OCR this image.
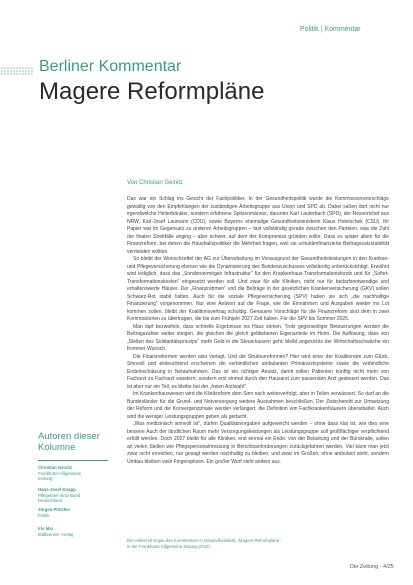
Politik | Kommentar
Berliner Kommentar
Magere Reformpläne
Von Christian Geinitz

Das war ein Schlag ins Gesicht der Fachpolitiker. In der Gesundheitspolitik wurde die Kommissionsvorschläge gewaltig von den Empfehlungen der zuständigen Arbeitsgruppe aus Union und SPD ab. Dabei saßen dort nicht nur irgendwelche Hinterbänkler, sondern erfahrene Spitzenmänner, darunter Karl Lauterbach (SPD), der Ressortchef aus NRW, Karl-Josef Laumann (CDU), sowie Bayerns ehemalige Gesundheitsministerin Klaus Holetschek (CSU). Ihr Papier war im Gegensatz zu anderen Arbeitsgruppen – fast vollständig gerade zwischen den Parteien, was die Zahl der finalen Streitfälle anging – aber schwer, auf dem der Kompromiss gründen sollte. Dass es später allem für die Finanzreform, bei denen die Haushaltspolitiker die Mehrheit fragen, weil sie schuldenfinanzierte Beitragssatzstabilität vermeiden wollten.

So bleibt der Wunschzettel der AG zur Überarbeitung im Vorausgrund der Gesundheitsleistungen in den Kranken- und Pflegeversicherung ebenso wie die Dynamisierung des Bundeszuschusses vollständig unberücksichtigt. Erwähnt wird lediglich, dass das „Sondervermögen Infrastruktur“ für den Krankenhaus-Transformationsfonds und für „Sofort-Transformationskosten“ eingesetzt werden soll. Und zwar für alle Kliniken, nicht nur für bedarfsnotwendige und erhaltenswerte Häuser. Der „Finanzrahmen“ und die Beiträge in der gesetzlichen Krankenversicherung (GKV) sollen Schwarz-Rot stabil halten. Auch für die soziale Pflegeversicherung (SPV) haben sie sich „die nachhaltige Finanzierung“ vorgenommen. Nur eine Antwort auf die Frage, wie die Einnahmen und Ausgaben wieder ins Lot kommen sollen, bleibt der Koalitionsvertrag schuldig. Genauere Vorschläge für die Finanzreform sind dem in zwei Kommissionen zu übertragen, die bis zum Frühjahr 2027 Zeit haben. Für die SPV bis Sommer 2025.

Man darf bezweifeln, dass schnelle Ergebnisse ins Haus stehen. Trotz gegenseitiger Beteuerungen werden die Beitragszahler weiter steigen, die gleichen die gleich gebliebenen Eigenanteile im Heim. Die Auflösung, dass von „Stellen des Solidaritätsprinzips“ mehr Geld in die Steuerkassen geht, bleibt angesichts der Wirtschaftsschwäche ein frommer Wunsch.

Die Finanzreformen werden also vertagt. Und die Strukturreformen? Hier wird einer der Koalitionäre zum Glück. Sinnvoll und einleuchtend erscheinen die verbindlichen ambulanten Primärarztsysteme sowie die verbindliche Ersteinschätzung in Notaufnahmen. Das ist ein richtiger Ansatz, damit sollen Patienten künftig nicht mehr von Facharzt zu Facharzt wandern, sondern erst einmal durch den Hausarzt zum passenden Arzt gesteuert werden. Das ist aber nur ein Teil, es bleibe bei der „freien Arztwahl“.

Im Krankenhauswesen wird die Klinikreform dem Sinn nach weiterverfolgt, aber in Teilen verwässert. So darf an die Bundesländer für die Grund- und Notversorgung weitere Ausnahmen beschließen. Der Zwischenritt zur Umsetzung der Reform und die Konvergenzphase werden verlängert, die Definition von Fachkrankenhäusern überarbeitet. Auch wird die weniger Leistungsgruppen geben als gedacht.

„Was medizinisch sinnvoll ist“, dürfen Qualitätsvorgaben aufgeweicht werden – ohne dass klar ist, wie dies eine bessere Auch der ländlichen Raum mehr Versorgungsleistungen als Leistungsgruppe soll großflächiger verpflichtend erfüllt werden. Doch 2027 bleibt für alle Kliniken, erst einmal ein Ende: von der Belastung und der Bürokratie, sollen an vielen Stellen wie Pflegepersonalmessung in Berichtsanforderungen zurückgefahren werden. Viel kann man jetzt zwar nicht erreichen, nur gesagt werden nachhaltig zu bleiben, und zwar im Großen, ohne ambulant steht, sondern Umbau bleiben viele Fingerspitzen. Ein großer Wurf sieht anders aus.

Autoren dieser Kolumne
Christian Geinitz
Frankfurter Allgemeine
Zeitung
Hans-Josef Knapp
Pflegebrief Aktiv Bund
Deutschland
Jürgen Plötzker
Politik
Iris Mai
Bildbrenner Verlag
Der Artikel ist Kopie des Kommentars in Gesundheitsfeld, „Magere Reformpläne“
in der Frankfurter Allgemeine Zeitung (FAZ).
Die Zeitung · 4/25
